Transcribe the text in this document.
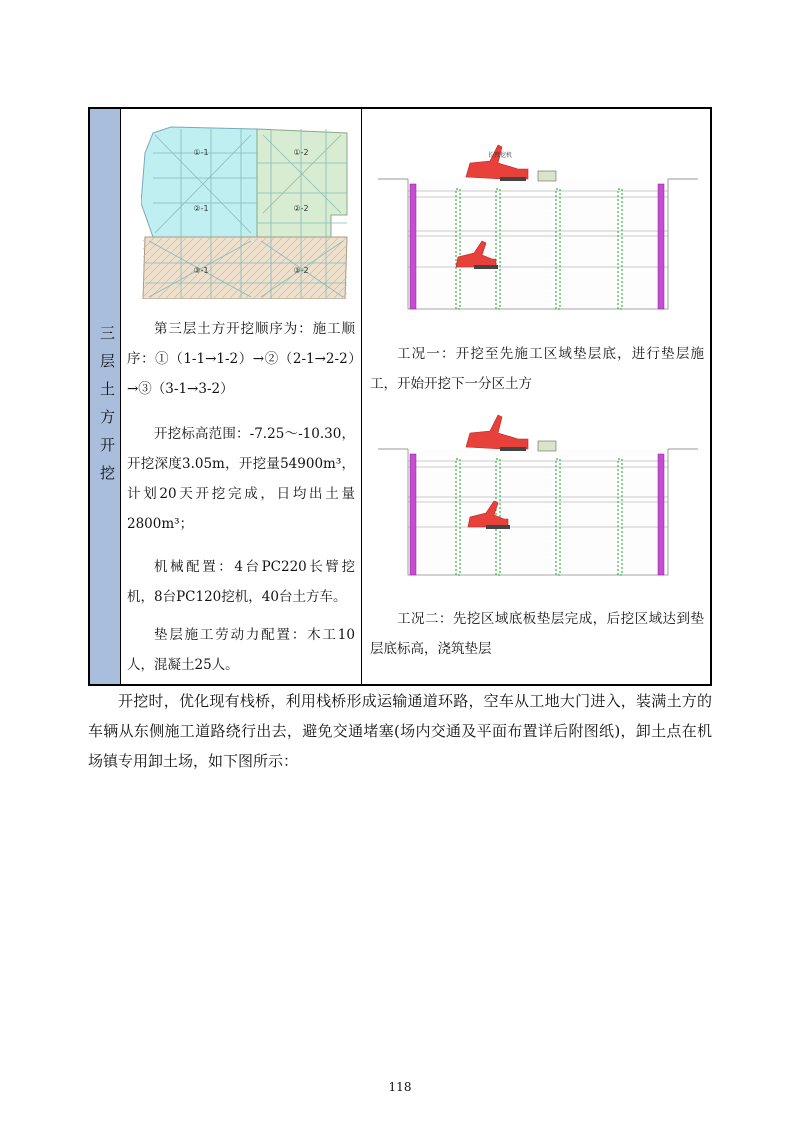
三层土方开挖
①-1	①-2
②-1	②-2
③-1	③-2
第三层土方开挖顺序为：施工顺序：①（1-1→1-2）→②（2-1→2-2）→③（3-1→3-2）
开挖标高范围：-7.25～-10.30，开挖深度3.05m，开挖量54900m³，计划20天开挖完成，日均出土量2800m³；
机械配置：4台PC220长臂挖机，8台PC120挖机，40台土方车。
垫层施工劳动力配置：木工10人，混凝土25人。
长臂挖机
工况一：开挖至先施工区域垫层底，进行垫层施工，开始开挖下一分区土方
工况二：先挖区域底板垫层完成，后挖区域达到垫层底标高，浇筑垫层
开挖时，优化现有栈桥，利用栈桥形成运输通道环路，空车从工地大门进入，装满土方的车辆从东侧施工道路绕行出去，避免交通堵塞(场内交通及平面布置详后附图纸)，卸土点在机场镇专用卸土场，如下图所示：
118
